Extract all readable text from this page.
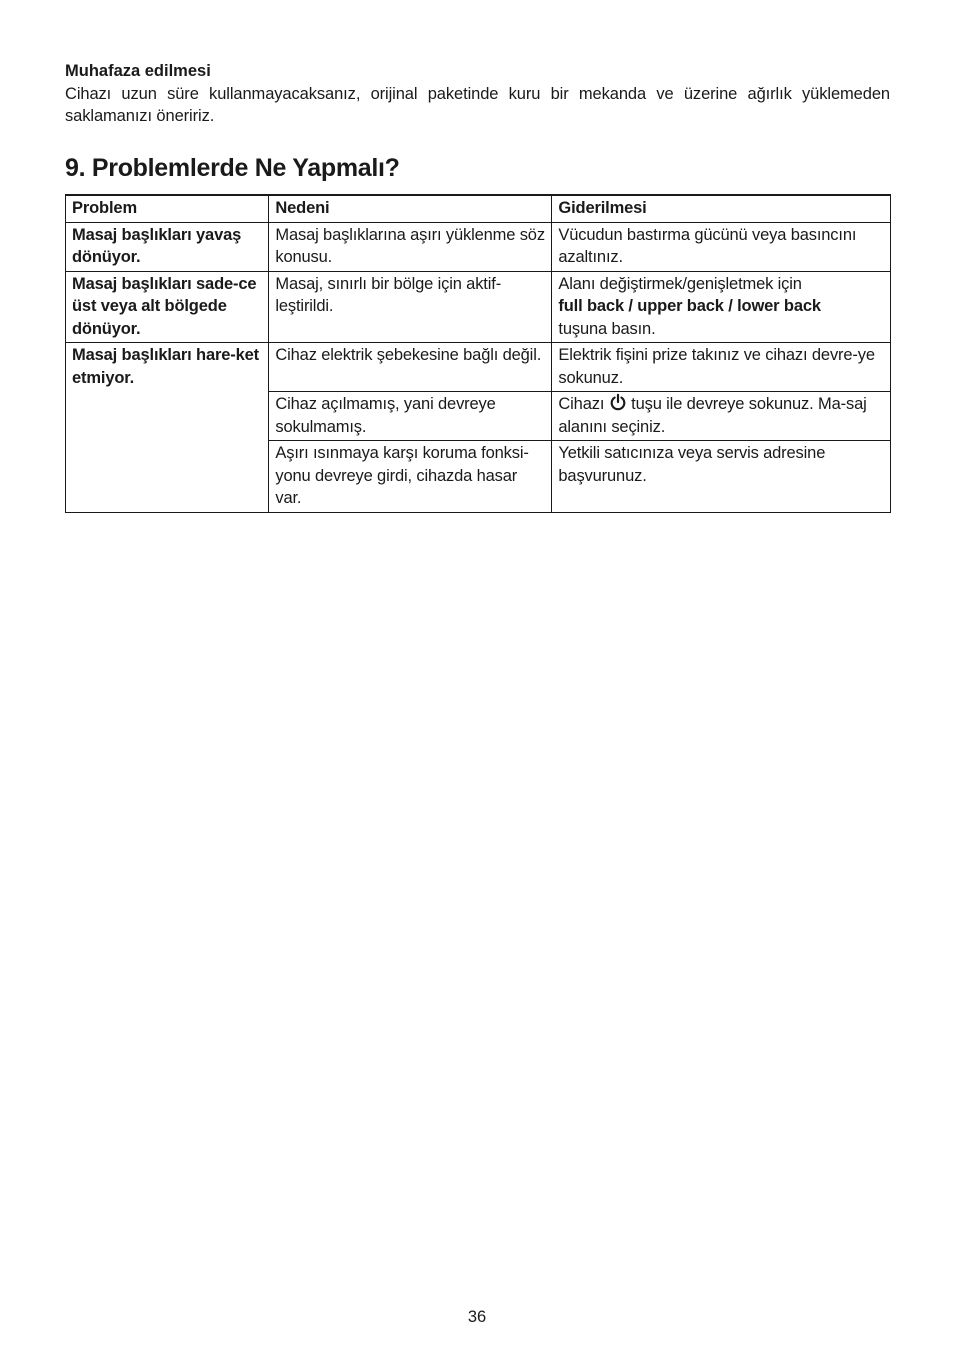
Muhafaza edilmesi

Cihazı uzun süre kullanmayacaksanız, orijinal paketinde kuru bir mekanda ve üzerine ağırlık yüklemeden saklamanızı öneririz.

9. Problemlerde Ne Yapmalı?
Problem	Nedeni	Giderilmesi
Masaj başlıkları yavaş dönüyor.	Masaj başlıklarına aşırı yüklenme söz konusu.	Vücudun bastırma gücünü veya basıncını azaltınız.
Masaj başlıkları sade-ce üst veya alt bölgede dönüyor.	Masaj, sınırlı bir bölge için aktif-leştirildi.	Alanı değiştirmek/genişletmek için
full back / upper back / lower back
tuşuna basın.
Masaj başlıkları hare-ket etmiyor.	Cihaz elektrik şebekesine bağlı değil.	Elektrik fişini prize takınız ve cihazı devre-ye sokunuz.
	Cihaz açılmamış, yani devreye sokulmamış.	Cihazı tuşu ile devreye sokunuz. Ma-saj alanını seçiniz.
	Aşırı ısınmaya karşı koruma fonksi-yonu devreye girdi, cihazda hasar var.	Yetkili satıcınıza veya servis adresine başvurunuz.
36
